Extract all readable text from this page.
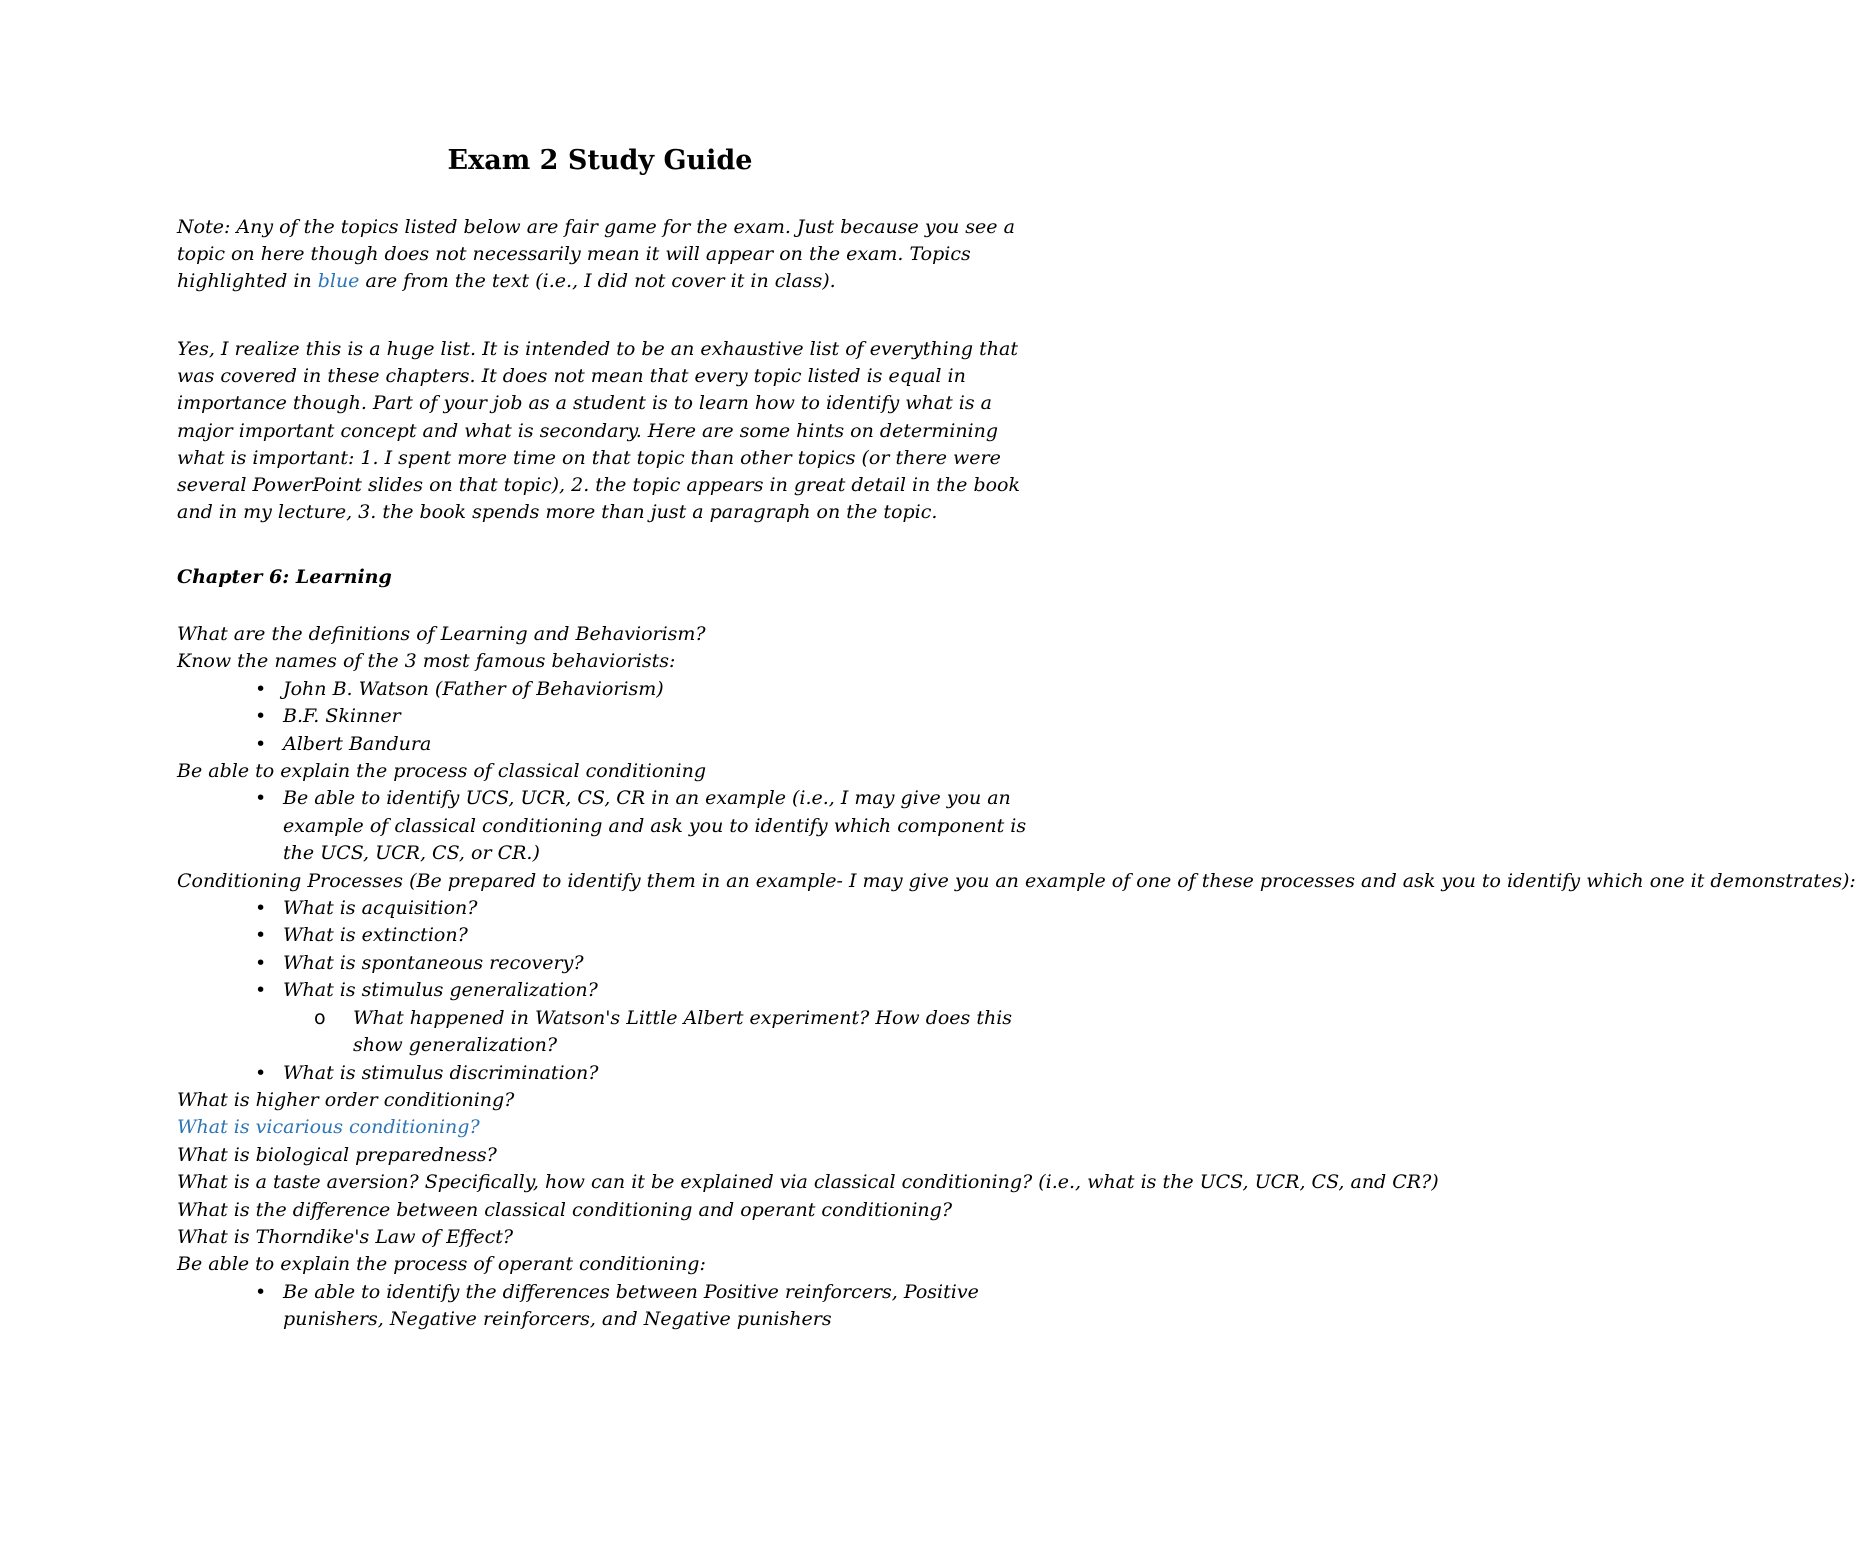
Exam 2 Study Guide
Note: Any of the topics listed below are fair game for the exam. Just because you see a topic on here though does not necessarily mean it will appear on the exam. Topics highlighted in blue are from the text (i.e., I did not cover it in class).
Yes, I realize this is a huge list. It is intended to be an exhaustive list of everything that was covered in these chapters. It does not mean that every topic listed is equal in importance though. Part of your job as a student is to learn how to identify what is a major important concept and what is secondary. Here are some hints on determining what is important: 1. I spent more time on that topic than other topics (or there were several PowerPoint slides on that topic), 2. the topic appears in great detail in the book and in my lecture, 3. the book spends more than just a paragraph on the topic.
Chapter 6: Learning
What are the definitions of Learning and Behaviorism?
Know the names of the 3 most famous behaviorists:
• John B. Watson (Father of Behaviorism)
• B.F. Skinner
• Albert Bandura
Be able to explain the process of classical conditioning
• Be able to identify UCS, UCR, CS, CR in an example (i.e., I may give you an example of classical conditioning and ask you to identify which component is the UCS, UCR, CS, or CR.)
Conditioning Processes (Be prepared to identify them in an example- I may give you an example of one of these processes and ask you to identify which one it demonstrates):
• What is acquisition?
• What is extinction?
• What is spontaneous recovery?
• What is stimulus generalization?
o What happened in Watson's Little Albert experiment? How does this show generalization?
• What is stimulus discrimination?
What is higher order conditioning?
What is vicarious conditioning?
What is biological preparedness?
What is a taste aversion? Specifically, how can it be explained via classical conditioning? (i.e., what is the UCS, UCR, CS, and CR?)
What is the difference between classical conditioning and operant conditioning?
What is Thorndike's Law of Effect?
Be able to explain the process of operant conditioning:
• Be able to identify the differences between Positive reinforcers, Positive punishers, Negative reinforcers, and Negative punishers
